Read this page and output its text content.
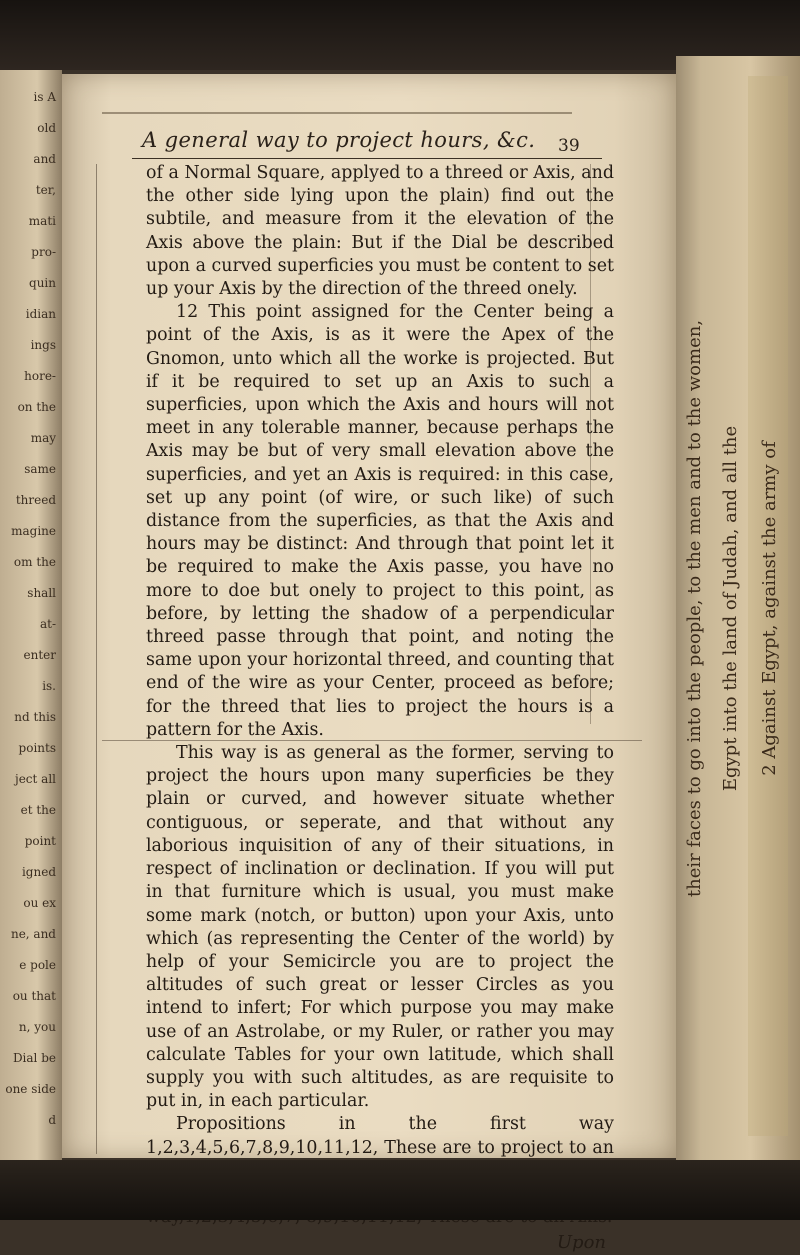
is A
old
and
ter,
mati
pro-
quin
idian
ings
hore-
on the
may
same
threed
magine
om the
shall
at-
enter
is.
nd this
points
ject all
et the
point
igned
ou ex
ne, and
e pole
ou that
n, you
Dial be
one side
d
A general way to project hours, &c.	39

of a Normal Square, applyed to a threed or Axis, and the other side lying upon the plain) find out the subtile, and measure from it the elevation of the Axis above the plain: But if the Dial be described upon a curved superficies you must be content to set up your Axis by the direction of the threed onely.

12 This point assigned for the Center being a point of the Axis, is as it were the Apex of the Gnomon, unto which all the worke is projected. But if it be required to set up an Axis to such a superficies, upon which the Axis and hours will not meet in any tolerable manner, because perhaps the Axis may be but of very small elevation above the superficies, and yet an Axis is required: in this case, set up any point (of wire, or such like) of such distance from the superficies, as that the Axis and hours may be distinct: And through that point let it be required to make the Axis passe, you have no more to doe but onely to project to this point, as before, by letting the shadow of a perpendicular threed passe through that point, and noting the same upon your horizontal threed, and counting that end of the wire as your Center, proceed as before; for the threed that lies to project the hours is a pattern for the Axis.

This way is as general as the former, serving to project the hours upon many superficies be they plain or curved, and however situate whether contiguous, or seperate, and that without any laborious inquisition of any of their situations, in respect of inclination or declination. If you will put in that furniture which is usual, you must make some mark (notch, or button) upon your Axis, unto which (as representing the Center of the world) by help of your Semicircle you are to project the altitudes of such great or lesser Circles as you intend to infert; For which purpose you may make use of an Astrolabe, or my Ruler, or rather you may calculate Tables for your own latitude, which shall supply you with such altitudes, as are requisite to put in, in each particular.

Propositions in the first way 1,2,3,4,5,6,7,8,9,10,11,12, These are to project to an

Upon
their faces to go into the people, to the men and to the women, Egypt into the land of Judah, and all the 2 Against Egypt, against the army of
